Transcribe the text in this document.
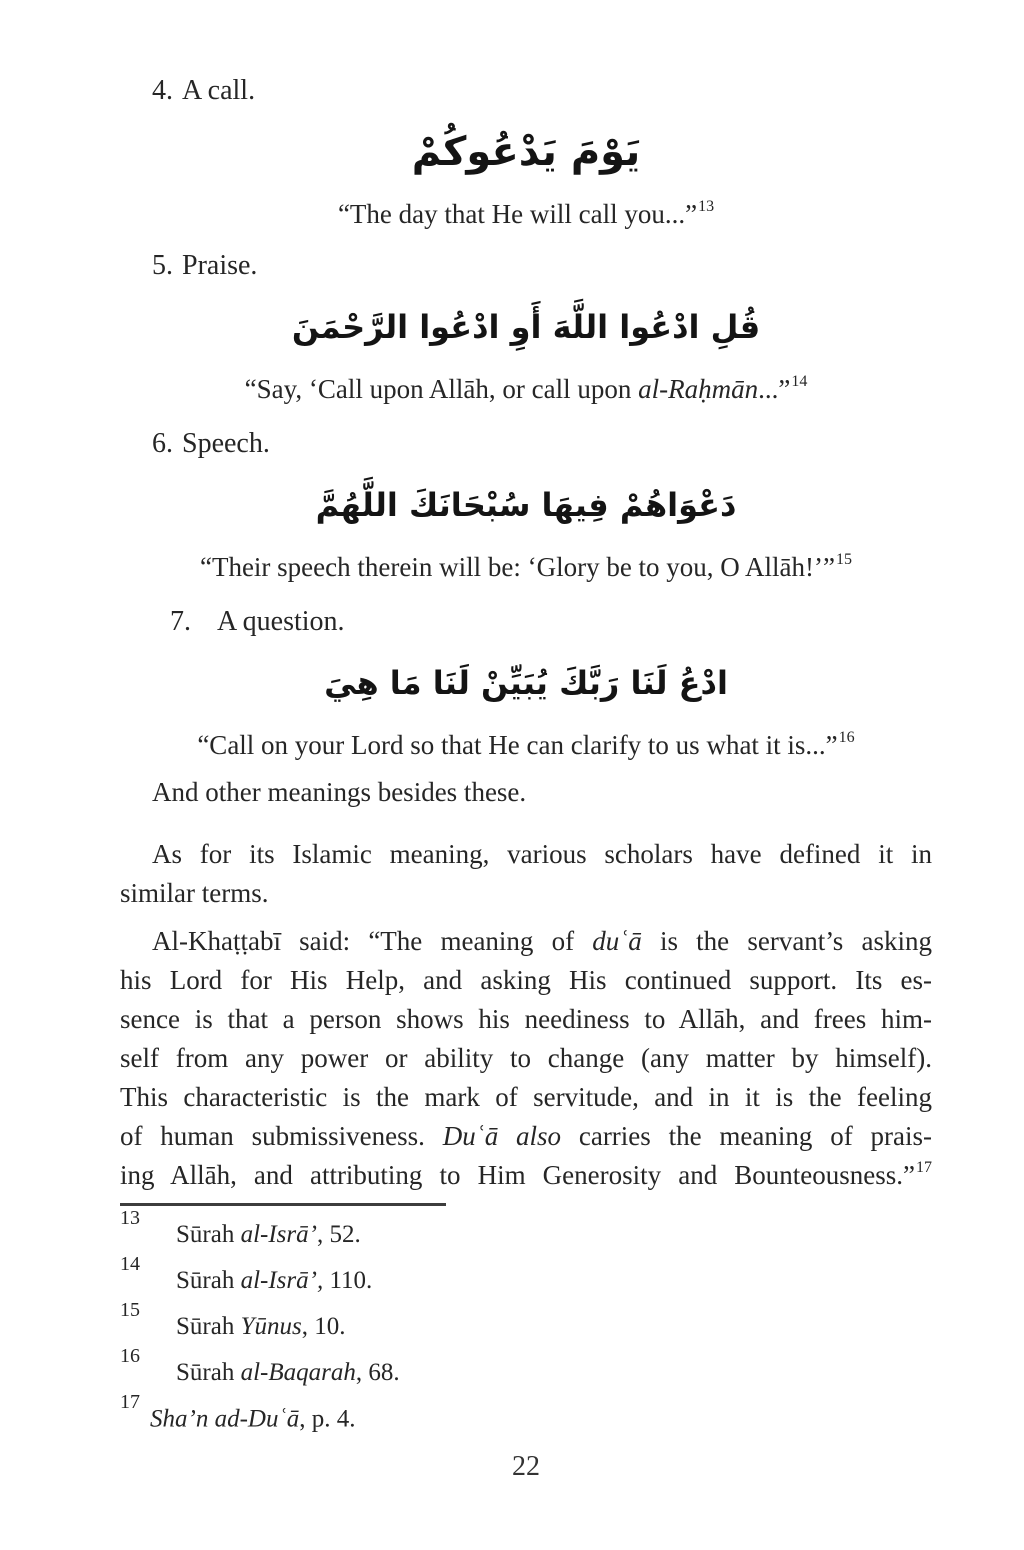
4. A call.
يَوْمَ يَدْعُوكُمْ
“The day that He will call you...”$^{13}$
5. Praise.
قُلِ ادْعُوا اللَّهَ أَوِ ادْعُوا الرَّحْمَنَ
“Say, ‘Call upon Allāh, or call upon al-Raḥmān...”$^{14}$
6. Speech.
دَعْوَاهُمْ فِيهَا سُبْحَانَكَ اللَّهُمَّ
“Their speech therein will be: ‘Glory be to you, O Allāh!’”$^{15}$
7. A question.
ادْعُ لَنَا رَبَّكَ يُبَيِّنْ لَنَا مَا هِيَ
“Call on your Lord so that He can clarify to us what it is...”$^{16}$
And other meanings besides these.
As for its Islamic meaning, various scholars have defined it in
similar terms.
Al-Khaṭṭabī said: “The meaning of duʿā is the servant’s asking
his Lord for His Help, and asking His continued support. Its es-
sence is that a person shows his neediness to Allāh, and frees him-
self from any power or ability to change (any matter by himself).
This characteristic is the mark of servitude, and in it is the feeling
of human submissiveness. Duʿā also carries the meaning of prais-
ing Allāh, and attributing to Him Generosity and Bounteousness.”$^{17}$
$^{13}$Sūrah al-Isrā’, 52.
$^{14}$Sūrah al-Isrā’, 110.
$^{15}$Sūrah Yūnus, 10.
$^{16}$Sūrah al-Baqarah, 68.
$^{17}$Sha’n ad-Duʿā, p. 4.
22
